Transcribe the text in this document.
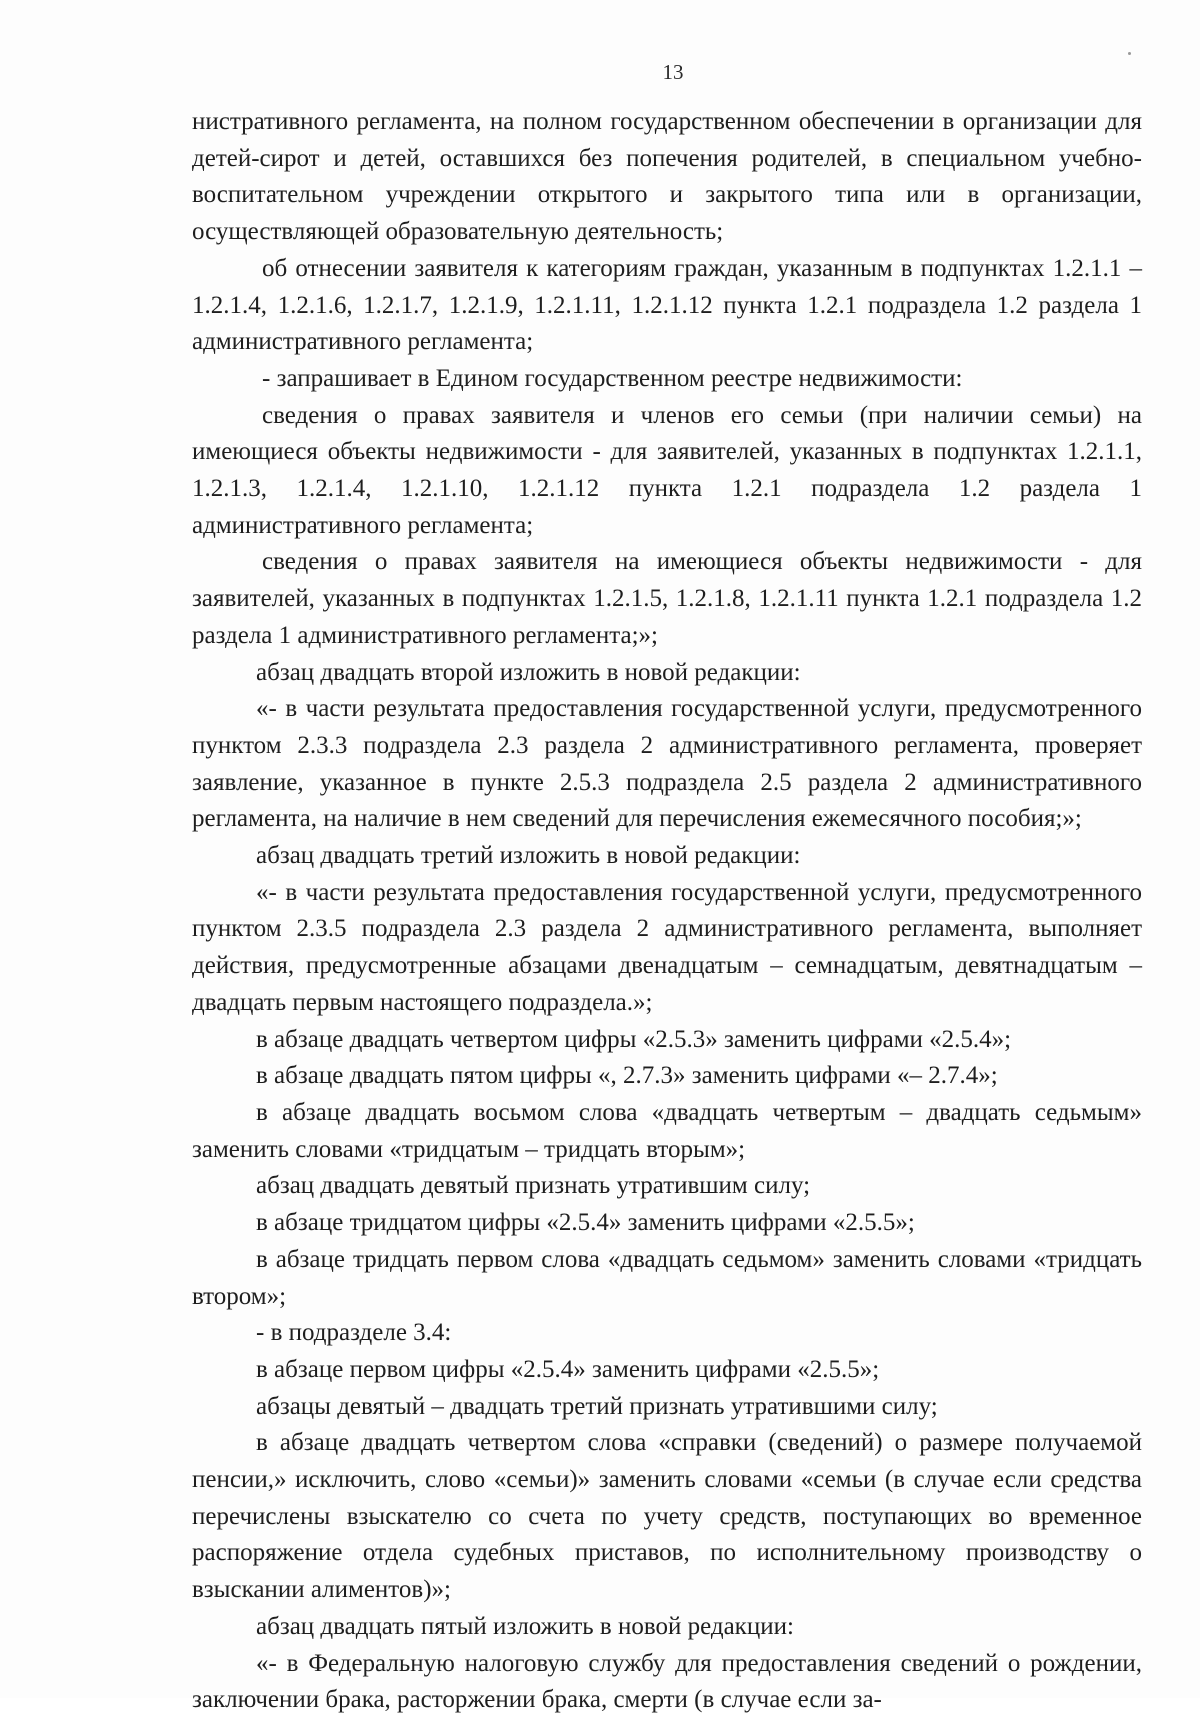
13

нистративного регламента, на полном государственном обеспечении в организации для детей-сирот и детей, оставшихся без попечения родителей, в специальном учебно-воспитательном учреждении открытого и закрытого типа или в организации, осуществляющей образовательную деятельность;

об отнесении заявителя к категориям граждан, указанным в подпунктах 1.2.1.1 – 1.2.1.4, 1.2.1.6, 1.2.1.7, 1.2.1.9, 1.2.1.11, 1.2.1.12 пункта 1.2.1 подраздела 1.2 раздела 1 административного регламента;

- запрашивает в Едином государственном реестре недвижимости:

сведения о правах заявителя и членов его семьи (при наличии семьи) на имеющиеся объекты недвижимости - для заявителей, указанных в подпунктах 1.2.1.1, 1.2.1.3, 1.2.1.4, 1.2.1.10, 1.2.1.12 пункта 1.2.1 подраздела 1.2 раздела 1 административного регламента;

сведения о правах заявителя на имеющиеся объекты недвижимости - для заявителей, указанных в подпунктах 1.2.1.5, 1.2.1.8, 1.2.1.11 пункта 1.2.1 подраздела 1.2 раздела 1 административного регламента;»;

абзац двадцать второй изложить в новой редакции:

«- в части результата предоставления государственной услуги, предусмотренного пунктом 2.3.3 подраздела 2.3 раздела 2 административного регламента, проверяет заявление, указанное в пункте 2.5.3 подраздела 2.5 раздела 2 административного регламента, на наличие в нем сведений для перечисления ежемесячного пособия;»;

абзац двадцать третий изложить в новой редакции:

«- в части результата предоставления государственной услуги, предусмотренного пунктом 2.3.5 подраздела 2.3 раздела 2 административного регламента, выполняет действия, предусмотренные абзацами двенадцатым – семнадцатым, девятнадцатым – двадцать первым настоящего подраздела.»;

в абзаце двадцать четвертом цифры «2.5.3» заменить цифрами «2.5.4»;

в абзаце двадцать пятом цифры «, 2.7.3» заменить цифрами «– 2.7.4»;

в абзаце двадцать восьмом слова «двадцать четвертым – двадцать седьмым» заменить словами «тридцатым – тридцать вторым»;

абзац двадцать девятый признать утратившим силу;

в абзаце тридцатом цифры «2.5.4» заменить цифрами «2.5.5»;

в абзаце тридцать первом слова «двадцать седьмом» заменить словами «тридцать втором»;

- в подразделе 3.4:

в абзаце первом цифры «2.5.4» заменить цифрами «2.5.5»;

абзацы девятый – двадцать третий признать утратившими силу;

в абзаце двадцать четвертом слова «справки (сведений) о размере получаемой пенсии,» исключить, слово «семьи)» заменить словами «семьи (в случае если средства перечислены взыскателю со счета по учету средств, поступающих во временное распоряжение отдела судебных приставов, по исполнительному производству о взыскании алиментов)»;

абзац двадцать пятый изложить в новой редакции:

«- в Федеральную налоговую службу для предоставления сведений о рождении, заключении брака, расторжении брака, смерти (в случае если за-
